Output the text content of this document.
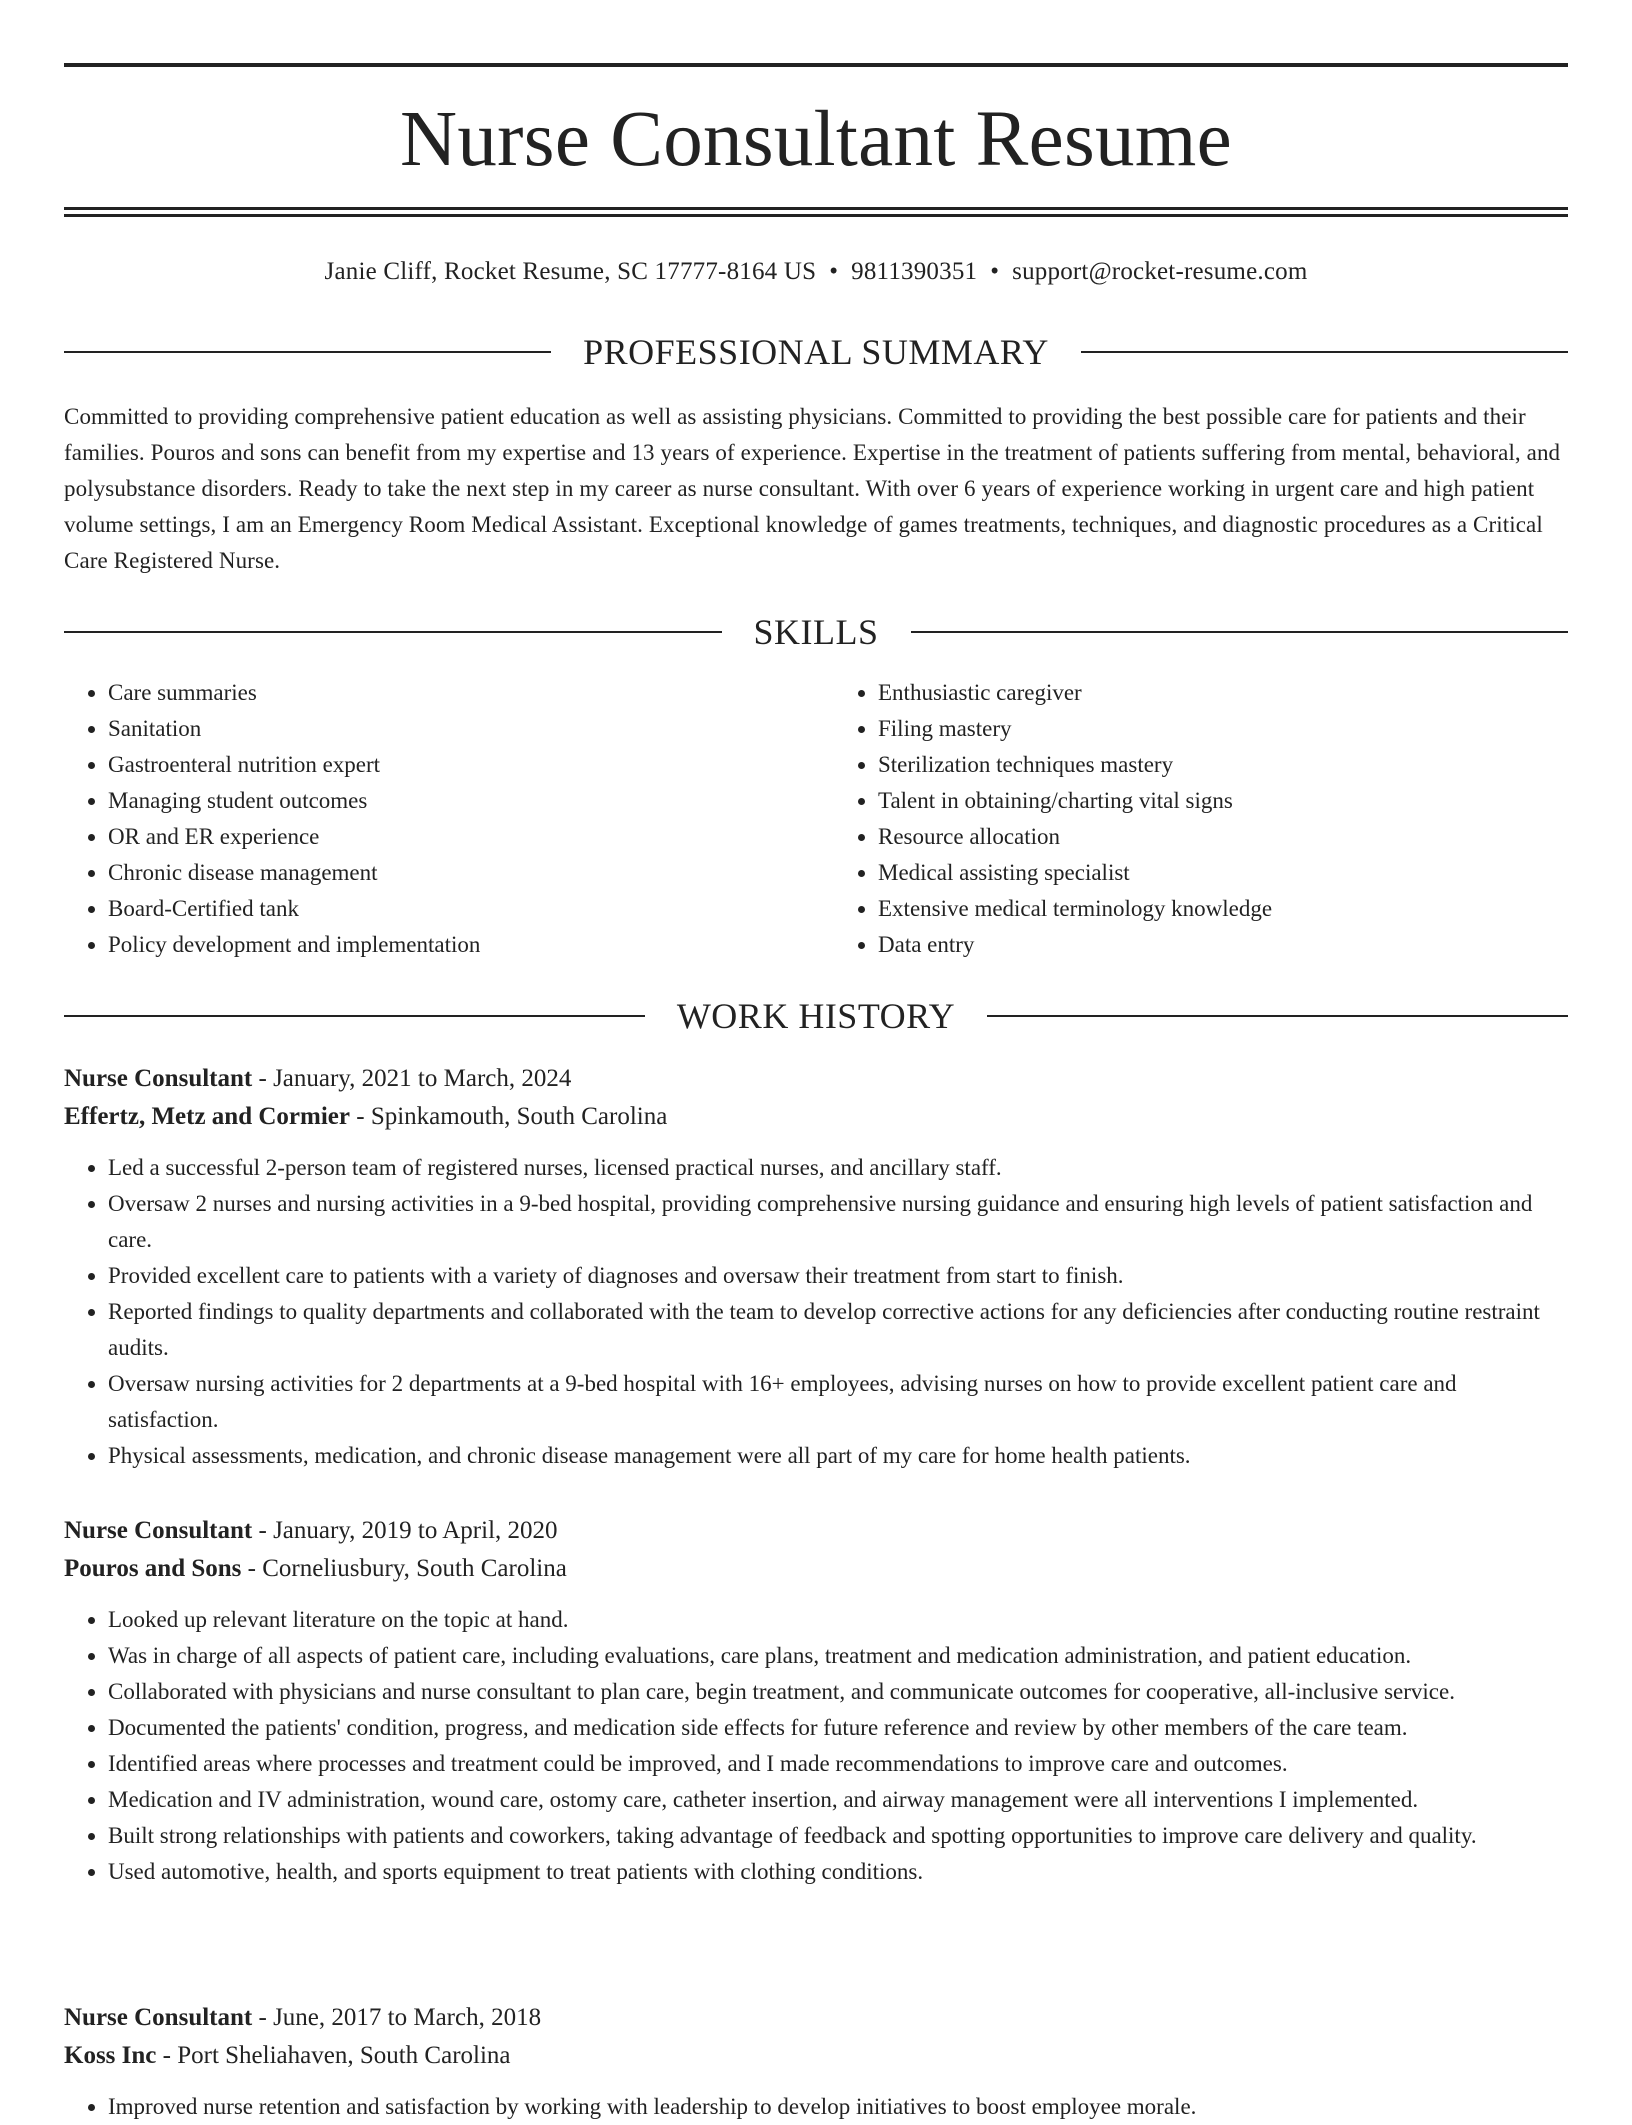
Nurse Consultant Resume
Janie Cliff, Rocket Resume, SC 17777-8164 US • 9811390351 • support@rocket-resume.com
PROFESSIONAL SUMMARY

Committed to providing comprehensive patient education as well as assisting physicians. Committed to providing the best possible care for patients and their families. Pouros and sons can benefit from my expertise and 13 years of experience. Expertise in the treatment of patients suffering from mental, behavioral, and polysubstance disorders. Ready to take the next step in my career as nurse consultant. With over 6 years of experience working in urgent care and high patient volume settings, I am an Emergency Room Medical Assistant. Exceptional knowledge of games treatments, techniques, and diagnostic procedures as a Critical Care Registered Nurse.

SKILLS
• Care summaries
• Sanitation
• Gastroenteral nutrition expert
• Managing student outcomes
• OR and ER experience
• Chronic disease management
• Board-Certified tank
• Policy development and implementation
• Enthusiastic caregiver
• Filing mastery
• Sterilization techniques mastery
• Talent in obtaining/charting vital signs
• Resource allocation
• Medical assisting specialist
• Extensive medical terminology knowledge
• Data entry
WORK HISTORY

Nurse Consultant - January, 2021 to March, 2024

Effertz, Metz and Cormier - Spinkamouth, South Carolina

• Led a successful 2-person team of registered nurses, licensed practical nurses, and ancillary staff.
• Oversaw 2 nurses and nursing activities in a 9-bed hospital, providing comprehensive nursing guidance and ensuring high levels of patient satisfaction and care.
• Provided excellent care to patients with a variety of diagnoses and oversaw their treatment from start to finish.
• Reported findings to quality departments and collaborated with the team to develop corrective actions for any deficiencies after conducting routine restraint audits.
• Oversaw nursing activities for 2 departments at a 9-bed hospital with 16+ employees, advising nurses on how to provide excellent patient care and satisfaction.
• Physical assessments, medication, and chronic disease management were all part of my care for home health patients.

Nurse Consultant - January, 2019 to April, 2020

Pouros and Sons - Corneliusbury, South Carolina

• Looked up relevant literature on the topic at hand.
• Was in charge of all aspects of patient care, including evaluations, care plans, treatment and medication administration, and patient education.
• Collaborated with physicians and nurse consultant to plan care, begin treatment, and communicate outcomes for cooperative, all-inclusive service.
• Documented the patients' condition, progress, and medication side effects for future reference and review by other members of the care team.
• Identified areas where processes and treatment could be improved, and I made recommendations to improve care and outcomes.
• Medication and IV administration, wound care, ostomy care, catheter insertion, and airway management were all interventions I implemented.
• Built strong relationships with patients and coworkers, taking advantage of feedback and spotting opportunities to improve care delivery and quality.
• Used automotive, health, and sports equipment to treat patients with clothing conditions.

Nurse Consultant - June, 2017 to March, 2018

Koss Inc - Port Sheliahaven, South Carolina

• Improved nurse retention and satisfaction by working with leadership to develop initiatives to boost employee morale.
